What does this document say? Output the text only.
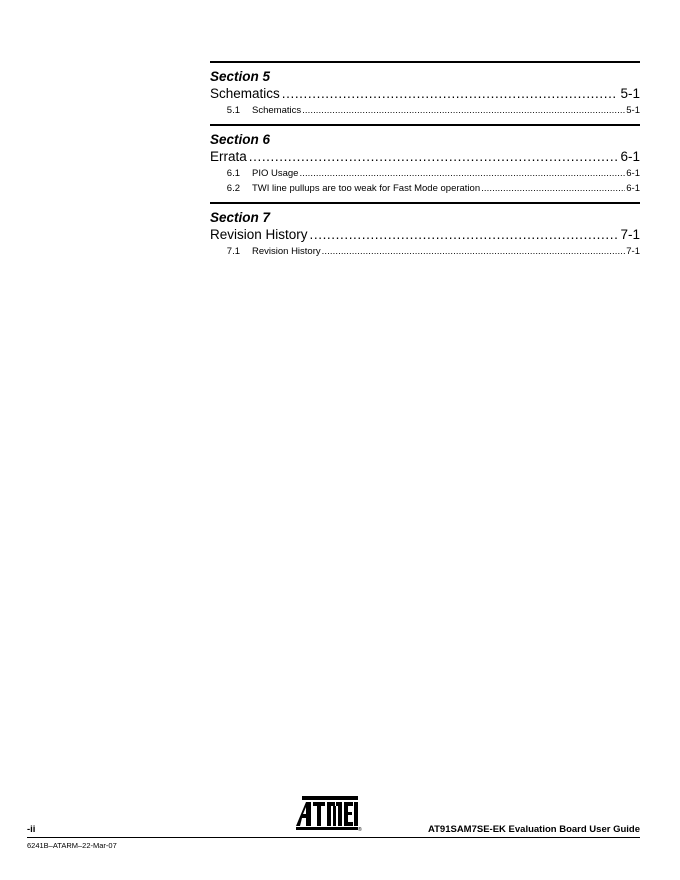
Section 5
Schematics .....	5-1
5.1 Schematics .....	5-1
Section 6
Errata .....	6-1
6.1 PIO Usage .....	6-1
6.2 TWI line pullups are too weak for Fast Mode operation .....	6-1
Section 7
Revision History .....	7-1
7.1 Revision History .....	7-1
-ii	®	AT91SAM7SE-EK Evaluation Board User Guide
6241B–ATARM–22-Mar-07
